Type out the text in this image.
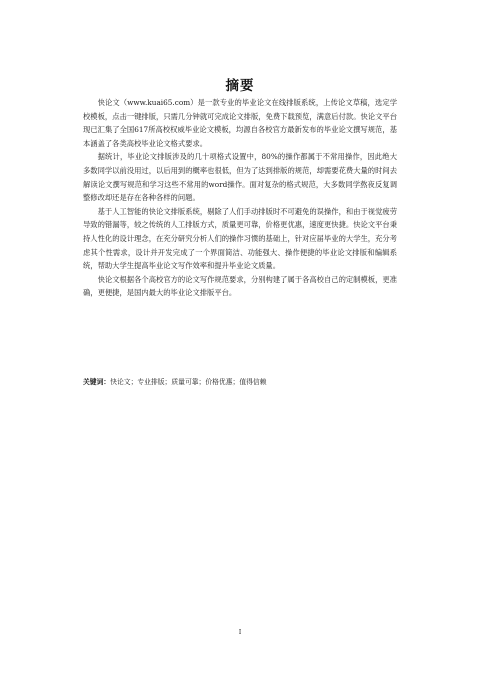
摘要

快论文（www.kuai65.com）是一款专业的毕业论文在线排版系统，上传论文草稿，选定学校模板，点击一键排版，只需几分钟就可完成论文排版，免费下载预览，满意后付款。快论文平台现已汇集了全国617所高校权威毕业论文模板，均源自各校官方最新发布的毕业论文撰写规范，基本涵盖了各类高校毕业论文格式要求。

据统计，毕业论文排版涉及的几十项格式设置中，80%的操作都属于不常用操作，因此绝大多数同学以前没用过，以后用到的概率也很低，但为了达到排版的规范，却需要花费大量的时间去解读论文撰写规范和学习这些不常用的word操作。面对复杂的格式规范，大多数同学熬夜反复调整修改却还是存在各种各样的问题。

基于人工智能的快论文排版系统，剔除了人们手动排版时不可避免的误操作，和由于视觉疲劳导致的错漏等，较之传统的人工排版方式，质量更可靠，价格更优惠，速度更快捷。快论文平台秉持人性化的设计理念，在充分研究分析人们的操作习惯的基础上，针对应届毕业的大学生，充分考虑其个性需求，设计并开发完成了一个界面简洁、功能强大、操作便捷的毕业论文排版和编辑系统，帮助大学生提高毕业论文写作效率和提升毕业论文质量。

快论文根据各个高校官方的论文写作规范要求，分别构建了属于各高校自己的定制模板，更准确，更便捷，是国内最大的毕业论文排版平台。

关键词：快论文；专业排版；质量可靠；价格优惠；值得信赖
I
